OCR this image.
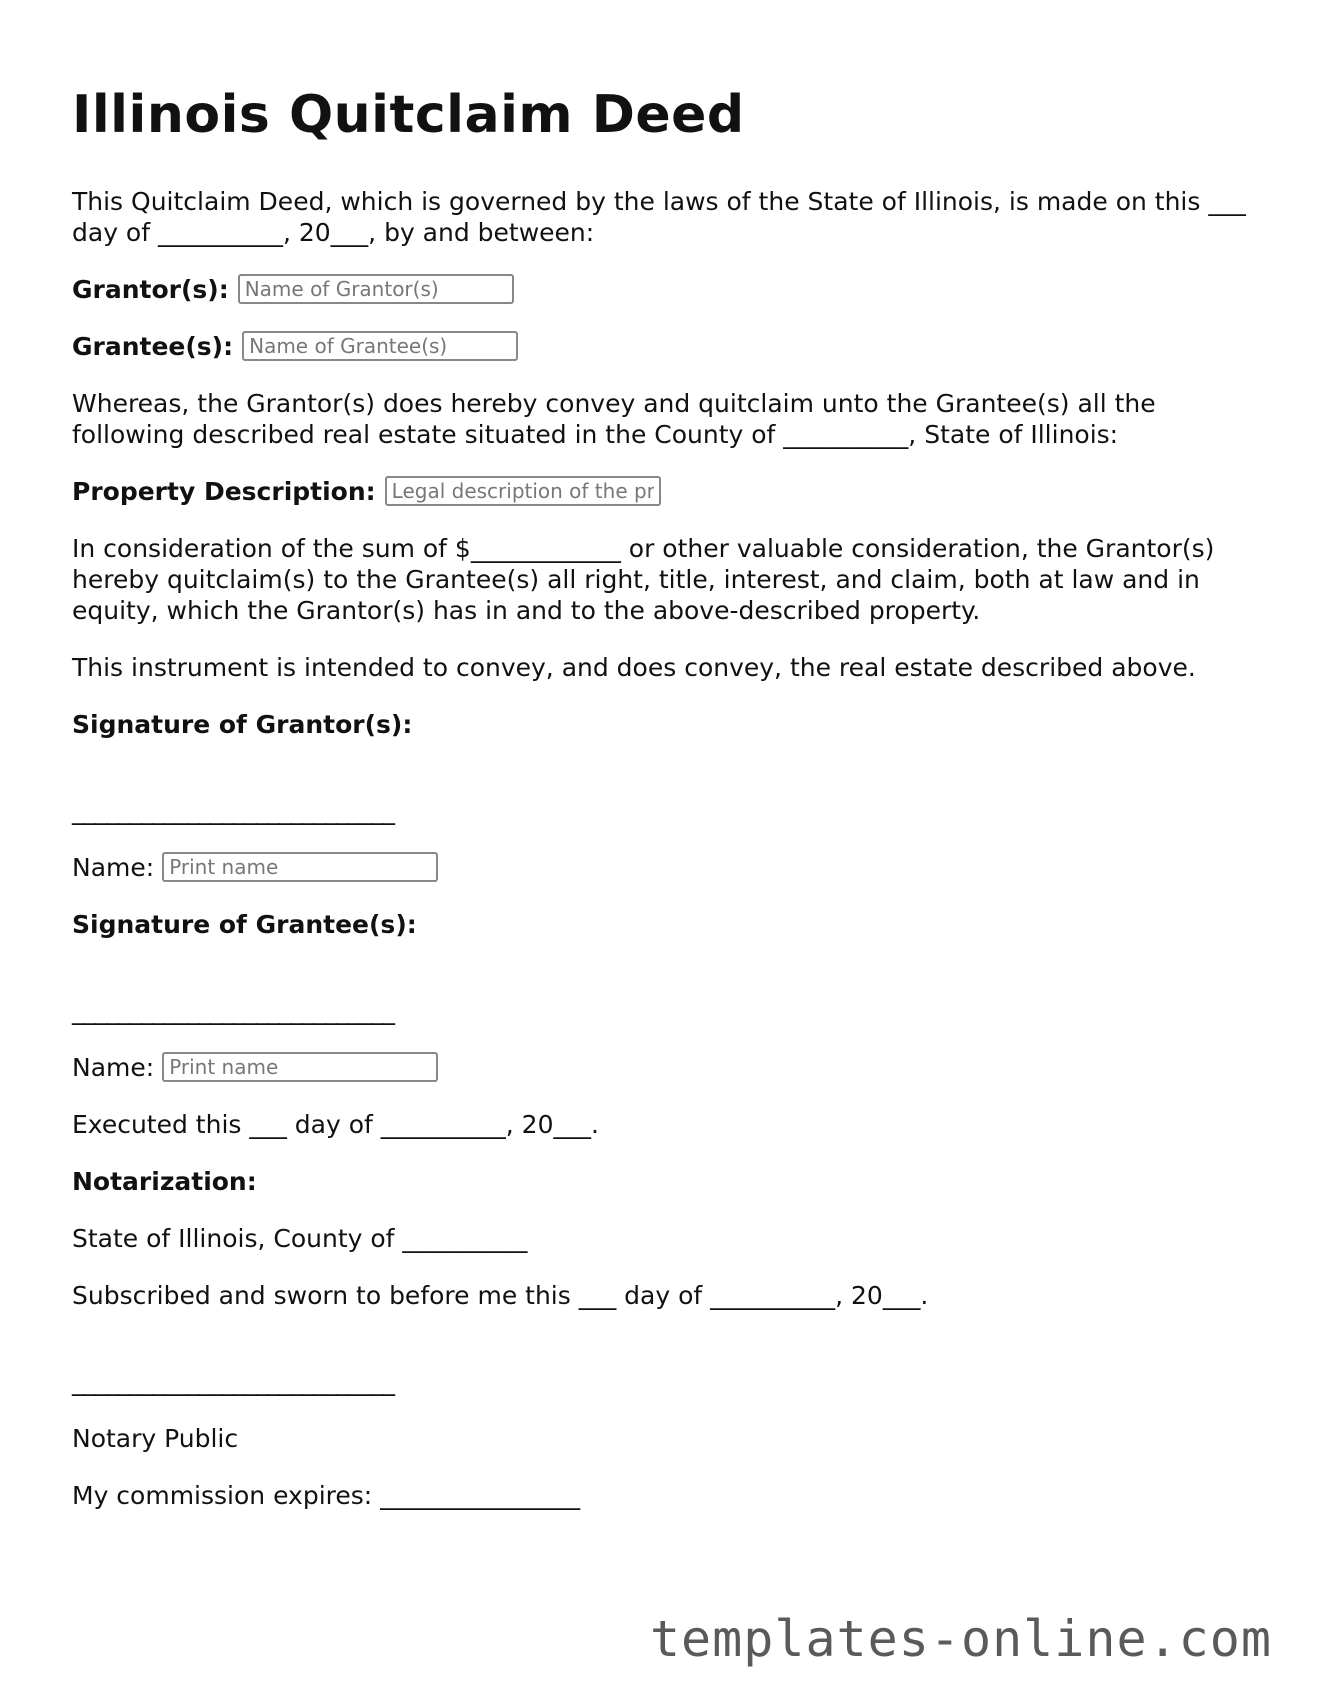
Illinois Quitclaim Deed

This Quitclaim Deed, which is governed by the laws of the State of Illinois, is made on this ___ day of __________, 20___, by and between:

Grantor(s):
Name of Grantor(s)
Grantee(s):
Name of Grantee(s)

Whereas, the Grantor(s) does hereby convey and quitclaim unto the Grantee(s) all the following described real estate situated in the County of __________, State of Illinois:

Property Description:
Legal description of the property

In consideration of the sum of $____________ or other valuable consideration, the Grantor(s) hereby quitclaim(s) to the Grantee(s) all right, title, interest, and claim, both at law and in equity, which the Grantor(s) has in and to the above-described property.

This instrument is intended to convey, and does convey, the real estate described above.

Signature of Grantor(s):
____________________________
Name:
Print name
Signature of Grantee(s):
____________________________
Name:
Print name

Executed this ___ day of __________, 20___.

Notarization:

State of Illinois, County of __________

Subscribed and sworn to before me this ___ day of __________, 20___.

____________________________

Notary Public

My commission expires: ________________

templates-online.com
